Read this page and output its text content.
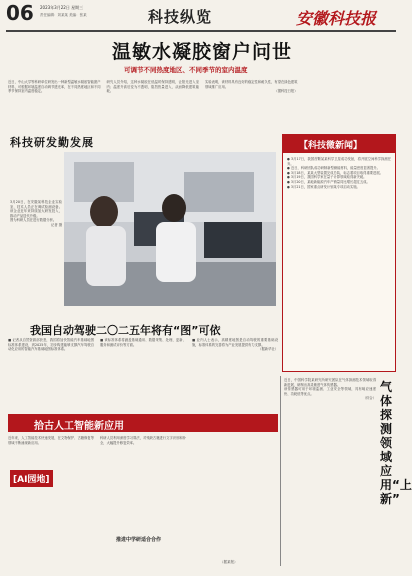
06 2023年3月22日 星期三
责任编辑：刘某某 美编：张某	科技纵览	安徽科技报
温敏水凝胶窗户问世
可调节不同热度地区、不同季节的室内温度

近日，中山大学等科研单位研发出一种新型温敏水凝胶智能窗户材料，可根据环境温度自动调节透光率，在不同热度地区和不同季节保持室内温度稳定。

研究人员介绍，这种水凝胶在低温时保持透明，让阳光进入室内；温度升高后变为不透明，阻挡热量进入，从而降低建筑能耗。

实验表明，该材料具有良好的稳定性和耐久性，有望在绿色建筑领域推广应用。

（据科技日报）

科技研发勤发展

3月20日，在安徽某科技企业实验室，技术人员正在调试检测设备。该企业近年来持续加大研发投入，推动产品迭代升级。

图为科研人员在进行数据分析。

记者 摄

【科技微新闻】

● 3月17日，我国首颗某某科学卫星成功发射，将开展空间科学探测任务。

● 近日，科研团队成功研制新型储能材料，能量密度显著提升。

● 3月18日，某某大型装置完成总装，标志着项目取得重要进展。

● 3月19日，我国科学家在量子计算领域取得新突破。

● 3月20日，某地新能源汽车产销量同比增长超过五成。

● 3月21日，国家重点研发计划某专项启动实施。

我国自动驾驶二〇二五年将有“图”可依

■ 记者从自然资源部获悉，我国将加快智能汽车基础地图标准体系建设，到2025年，初步构建能够支撑汽车驾驶自动化应用的智能汽车基础地图标准体系。

■ 该标准体系将涵盖基础通用、数据采集、处理、更新、服务和测试评价等方面。

■ 业内人士表示，高精度地图是自动驾驶的重要基础设施，标准体系的完善将为产业发展提供有力支撑。

（据新华社）

拾古人工智能新应用
[AI园地]

近年来，人工智能技术快速发展，在文物保护、古籍修复等领域不断涌现新应用。

科研人员利用深度学习算法，对残缺古籍进行文字识别和补全，大幅提升修复效率。

推进中学研适合合作
（据某报）

近日，中国科学院某研究所研究团队在气体探测技术领域取得新进展，研制出高灵敏度气体传感器。

该传感器可用于环境监测、工业安全等领域，具有响应速度快、功耗低等优点。

（综合）

气体探测领域应用“上新”
